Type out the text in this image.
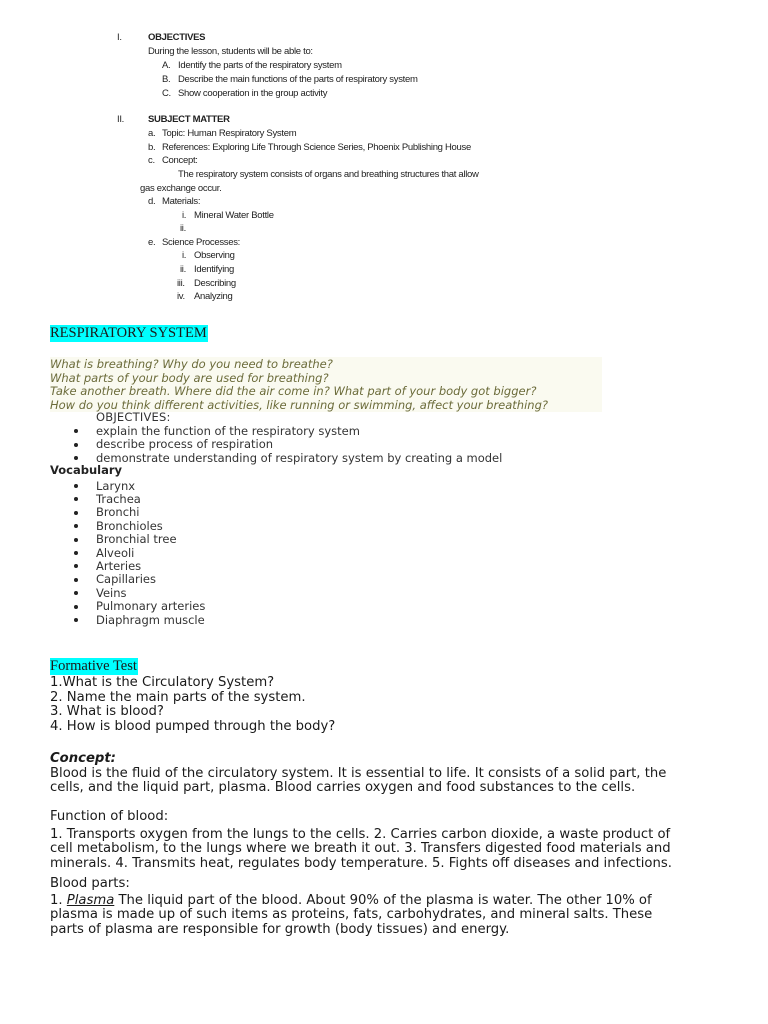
I.	OBJECTIVES
During the lesson, students will be able to:
A. Identify the parts of the respiratory system
B. Describe the main functions of the parts of respiratory system
C. Show cooperation in the group activity
II.	SUBJECT MATTER
a. Topic: Human Respiratory System
b. References: Exploring Life Through Science Series, Phoenix Publishing House
c. Concept:
The respiratory system consists of organs and breathing structures that allow
gas exchange occur.
d. Materials:
i. Mineral Water Bottle
ii.
e. Science Processes:
i. Observing
ii. Identifying
iii. Describing
iv. Analyzing
RESPIRATORY SYSTEM
What is breathing? Why do you need to breathe?
What parts of your body are used for breathing?
Take another breath. Where did the air come in? What part of your body got bigger?
How do you think different activities, like running or swimming, affect your breathing?
OBJECTIVES:
explain the function of the respiratory system
describe process of respiration
demonstrate understanding of respiratory system by creating a model
Vocabulary
Larynx
Trachea
Bronchi
Bronchioles
Bronchial tree
Alveoli
Arteries
Capillaries
Veins
Pulmonary arteries
Diaphragm muscle
Formative Test
1.What is the Circulatory System?
2. Name the main parts of the system.
3. What is blood?
4. How is blood pumped through the body?
Concept:
Blood is the fluid of the circulatory system. It is essential to life. It consists of a solid part, the
cells, and the liquid part, plasma. Blood carries oxygen and food substances to the cells.
Function of blood:
1. Transports oxygen from the lungs to the cells. 2. Carries carbon dioxide, a waste product of
cell metabolism, to the lungs where we breath it out. 3. Transfers digested food materials and
minerals. 4. Transmits heat, regulates body temperature. 5. Fights off diseases and infections.
Blood parts:
1. Plasma The liquid part of the blood. About 90% of the plasma is water. The other 10% of
plasma is made up of such items as proteins, fats, carbohydrates, and mineral salts. These
parts of plasma are responsible for growth (body tissues) and energy.
